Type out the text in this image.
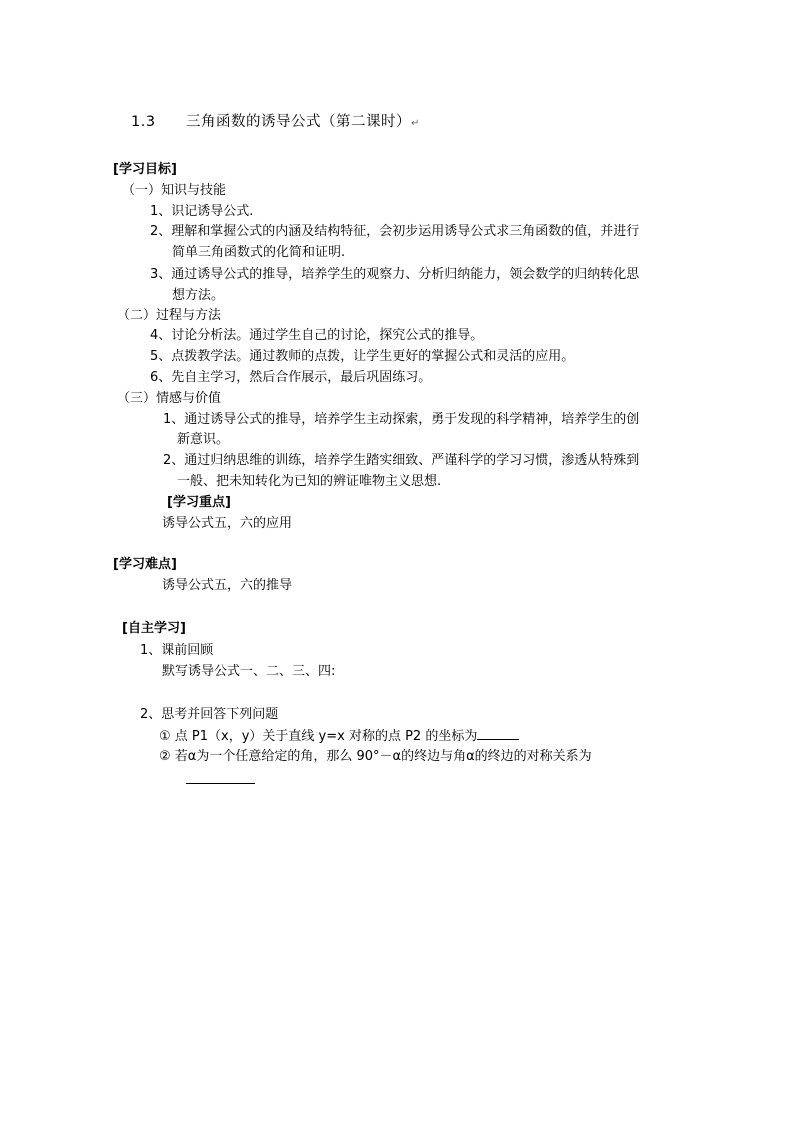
1.3 三角函数的诱导公式（第二课时）↵
[学习目标]
（一）知识与技能
1、识记诱导公式.
2、理解和掌握公式的内涵及结构特征，会初步运用诱导公式求三角函数的值，并进行
简单三角函数式的化简和证明.
3、通过诱导公式的推导，培养学生的观察力、分析归纳能力，领会数学的归纳转化思
想方法。
（二）过程与方法
4、讨论分析法。通过学生自己的讨论，探究公式的推导。
5、点拨教学法。通过教师的点拨，让学生更好的掌握公式和灵活的应用。
6、先自主学习，然后合作展示，最后巩固练习。
（三）情感与价值
1、通过诱导公式的推导，培养学生主动探索，勇于发现的科学精神，培养学生的创
新意识。
2、通过归纳思维的训练，培养学生踏实细致、严谨科学的学习习惯，渗透从特殊到
一般、把未知转化为已知的辨证唯物主义思想.
[学习重点]
诱导公式五，六的应用
[学习难点]
诱导公式五，六的推导
[自主学习]
1、课前回顾
默写诱导公式一、二、三、四:
2、思考并回答下列问题
① 点 P1（x，y）关于直线 y=x 对称的点 P2 的坐标为
② 若α为一个任意给定的角，那么 90°－α的终边与角α的终边的对称关系为
